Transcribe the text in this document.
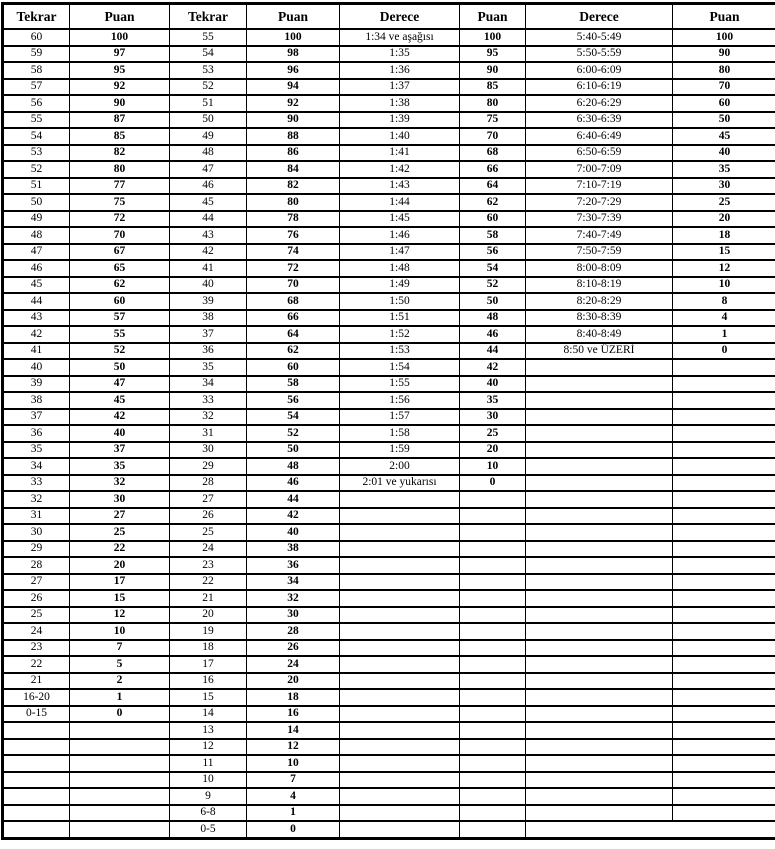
Tekrar	Puan	Tekrar	Puan	Derece	Puan	Derece	Puan
60	100	55	100	1:34 ve aşağısı	100	5:40-5:49	100
59	97	54	98	1:35	95	5:50-5:59	90
58	95	53	96	1:36	90	6:00-6:09	80
57	92	52	94	1:37	85	6:10-6:19	70
56	90	51	92	1:38	80	6:20-6:29	60
55	87	50	90	1:39	75	6:30-6:39	50
54	85	49	88	1:40	70	6:40-6:49	45
53	82	48	86	1:41	68	6:50-6:59	40
52	80	47	84	1:42	66	7:00-7:09	35
51	77	46	82	1:43	64	7:10-7:19	30
50	75	45	80	1:44	62	7:20-7:29	25
49	72	44	78	1:45	60	7:30-7:39	20
48	70	43	76	1:46	58	7:40-7:49	18
47	67	42	74	1:47	56	7:50-7:59	15
46	65	41	72	1:48	54	8:00-8:09	12
45	62	40	70	1:49	52	8:10-8:19	10
44	60	39	68	1:50	50	8:20-8:29	8
43	57	38	66	1:51	48	8:30-8:39	4
42	55	37	64	1:52	46	8:40-8:49	1
41	52	36	62	1:53	44	8:50 ve ÜZERİ	0
40	50	35	60	1:54	42		
39	47	34	58	1:55	40		
38	45	33	56	1:56	35		
37	42	32	54	1:57	30		
36	40	31	52	1:58	25		
35	37	30	50	1:59	20		
34	35	29	48	2:00	10		
33	32	28	46	2:01 ve yukarısı	0		
32	30	27	44				
31	27	26	42				
30	25	25	40				
29	22	24	38				
28	20	23	36				
27	17	22	34				
26	15	21	32				
25	12	20	30				
24	10	19	28				
23	7	18	26				
22	5	17	24				
21	2	16	20				
16-20	1	15	18				
0-15	0	14	16				
		13	14				
		12	12				
		11	10				
		10	7				
		9	4				
		6-8	1				
		0-5	0				
